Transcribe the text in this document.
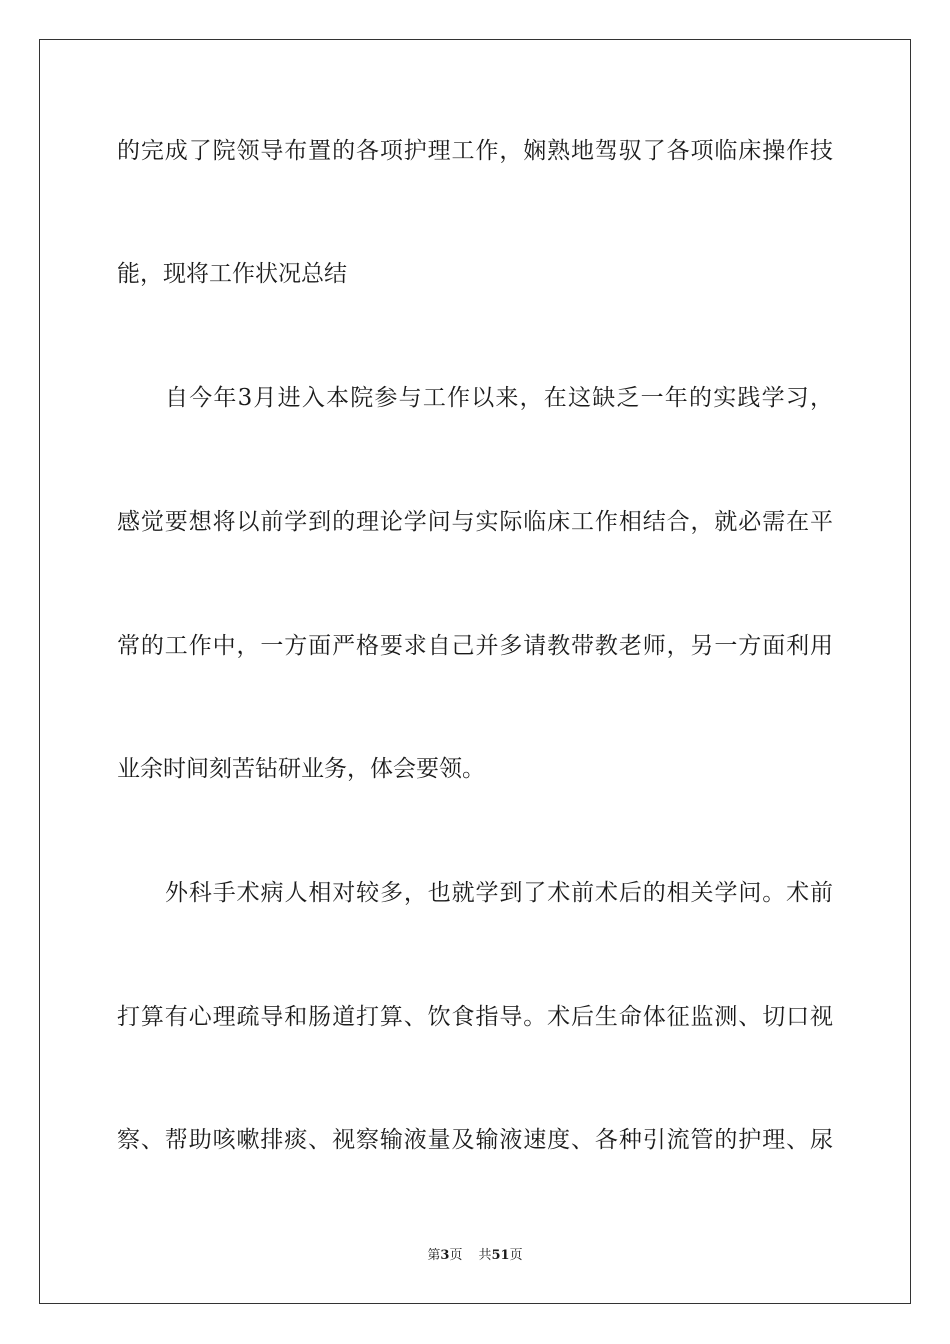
的完成了院领导布置的各项护理工作，娴熟地驾驭了各项临床操作技
能，现将工作状况总结
自今年3月进入本院参与工作以来，在这缺乏一年的实践学习，
感觉要想将以前学到的理论学问与实际临床工作相结合，就必需在平
常的工作中，一方面严格要求自己并多请教带教老师，另一方面利用
业余时间刻苦钻研业务，体会要领。
外科手术病人相对较多，也就学到了术前术后的相关学问。术前
打算有心理疏导和肠道打算、饮食指导。术后生命体征监测、切口视
察、帮助咳嗽排痰、视察输液量及输液速度、各种引流管的护理、尿
第3页 共51页
